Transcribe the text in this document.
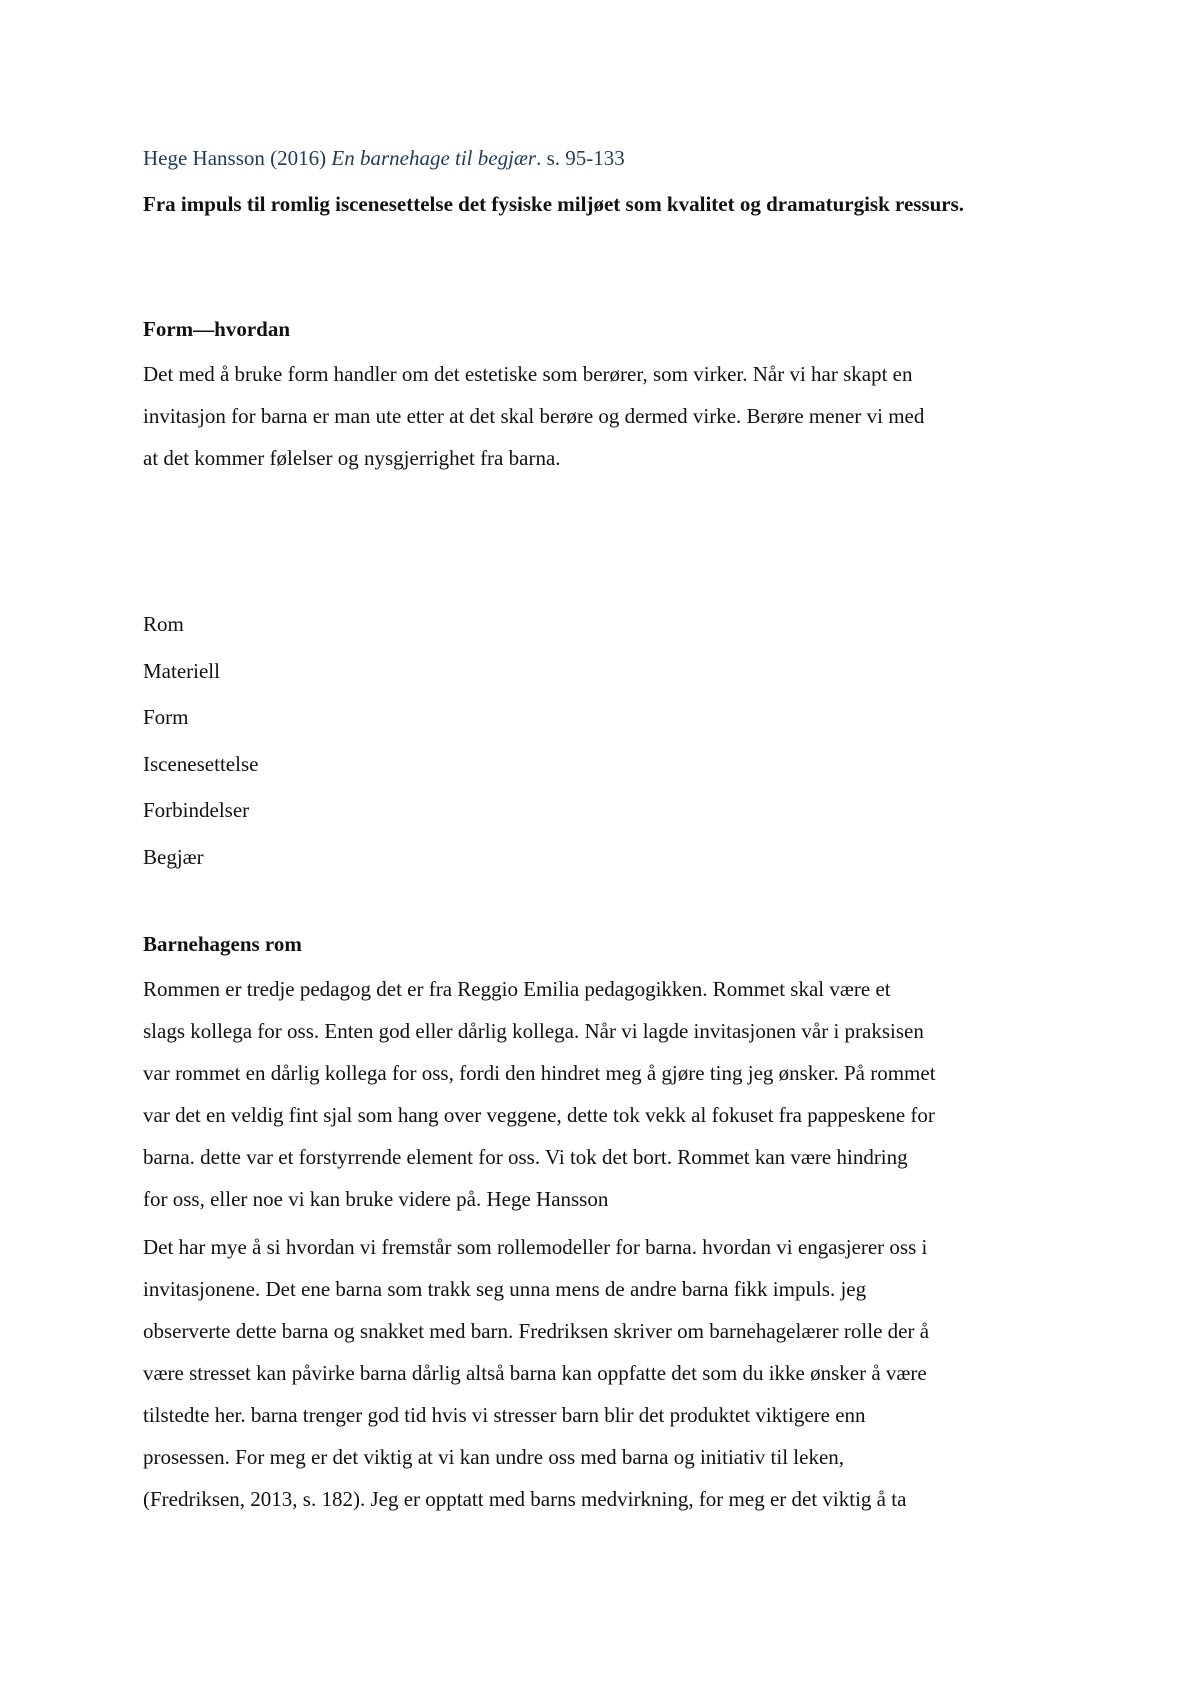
Hege Hansson (2016) En barnehage til begjær. s. 95-133
Fra impuls til romlig iscenesettelse det fysiske miljøet som kvalitet og dramaturgisk ressurs.
Form—hvordan
Det med å bruke form handler om det estetiske som berører, som virker. Når vi har skapt en
invitasjon for barna er man ute etter at det skal berøre og dermed virke. Berøre mener vi med
at det kommer følelser og nysgjerrighet fra barna.
Rom
Materiell
Form
Iscenesettelse
Forbindelser
Begjær
Barnehagens rom
Rommen er tredje pedagog det er fra Reggio Emilia pedagogikken. Rommet skal være et
slags kollega for oss. Enten god eller dårlig kollega. Når vi lagde invitasjonen vår i praksisen
var rommet en dårlig kollega for oss, fordi den hindret meg å gjøre ting jeg ønsker. På rommet
var det en veldig fint sjal som hang over veggene, dette tok vekk al fokuset fra pappeskene for
barna. dette var et forstyrrende element for oss. Vi tok det bort. Rommet kan være hindring
for oss, eller noe vi kan bruke videre på. Hege Hansson
Det har mye å si hvordan vi fremstår som rollemodeller for barna. hvordan vi engasjerer oss i
invitasjonene. Det ene barna som trakk seg unna mens de andre barna fikk impuls. jeg
observerte dette barna og snakket med barn. Fredriksen skriver om barnehagelærer rolle der å
være stresset kan påvirke barna dårlig altså barna kan oppfatte det som du ikke ønsker å være
tilstedte her. barna trenger god tid hvis vi stresser barn blir det produktet viktigere enn
prosessen. For meg er det viktig at vi kan undre oss med barna og initiativ til leken,
(Fredriksen, 2013, s. 182). Jeg er opptatt med barns medvirkning, for meg er det viktig å ta
